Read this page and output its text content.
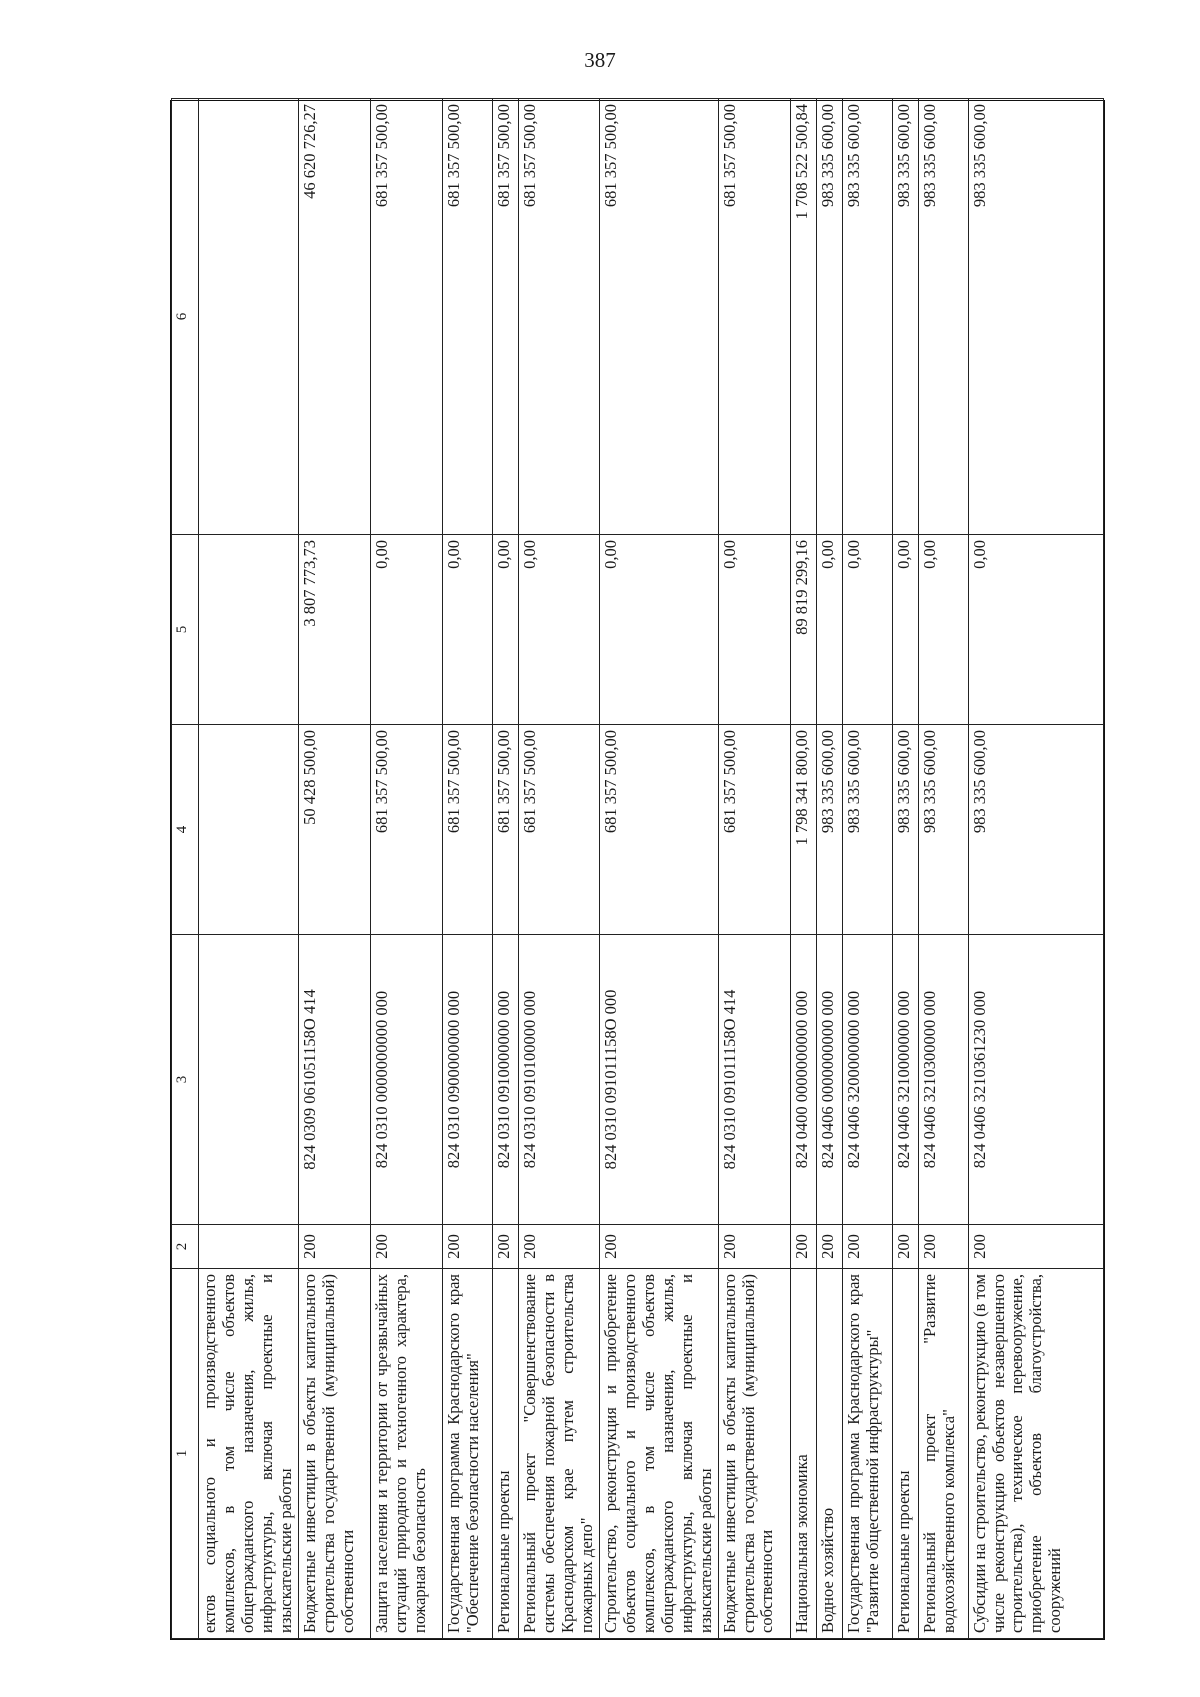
387
1	2	3	4	5	6
ектов социального и производственного комплексов, в том числе объектов общегражданского назначения, жилья, инфраструктуры, включая проектные и изыскательские работы					
Бюджетные инвестиции в объекты капитального строительства государственной (муниципальной) собственности	200	824 0309 061051158О 414	50 428 500,00	3 807 773,73	46 620 726,27
Защита населения и территории от чрезвычайных ситуаций природного и техногенного характера, пожарная безопасность	200	824 0310 0000000000 000	681 357 500,00	0,00	681 357 500,00
Государственная программа Краснодарского края "Обеспечение безопасности населения"	200	824 0310 0900000000 000	681 357 500,00	0,00	681 357 500,00
Региональные проекты	200	824 0310 0910000000 000	681 357 500,00	0,00	681 357 500,00
Региональный проект "Совершенствование системы обеспечения пожарной безопасности в Краснодарском крае путем строительства пожарных депо"	200	824 0310 0910100000 000	681 357 500,00	0,00	681 357 500,00
Строительство, реконструкция и приобретение объектов социального и производственного комплексов, в том числе объектов общегражданского назначения, жилья, инфраструктуры, включая проектные и изыскательские работы	200	824 0310 091011158О 000	681 357 500,00	0,00	681 357 500,00
Бюджетные инвестиции в объекты капитального строительства государственной (муниципальной) собственности	200	824 0310 091011158О 414	681 357 500,00	0,00	681 357 500,00
Национальная экономика	200	824 0400 0000000000 000	1 798 341 800,00	89 819 299,16	1 708 522 500,84
Водное хозяйство	200	824 0406 0000000000 000	983 335 600,00	0,00	983 335 600,00
Государственная программа Краснодарского края "Развитие общественной инфраструктуры"	200	824 0406 3200000000 000	983 335 600,00	0,00	983 335 600,00
Региональные проекты	200	824 0406 3210000000 000	983 335 600,00	0,00	983 335 600,00
Региональный проект "Развитие водохозяйственного комплекса"	200	824 0406 3210300000 000	983 335 600,00	0,00	983 335 600,00
Субсидии на строительство, реконструкцию (в том числе реконструкцию объектов незавершенного строительства), техническое перевооружение, приобретение объектов благоустройства, сооружений	200	824 0406 3210361230 000	983 335 600,00	0,00	983 335 600,00
